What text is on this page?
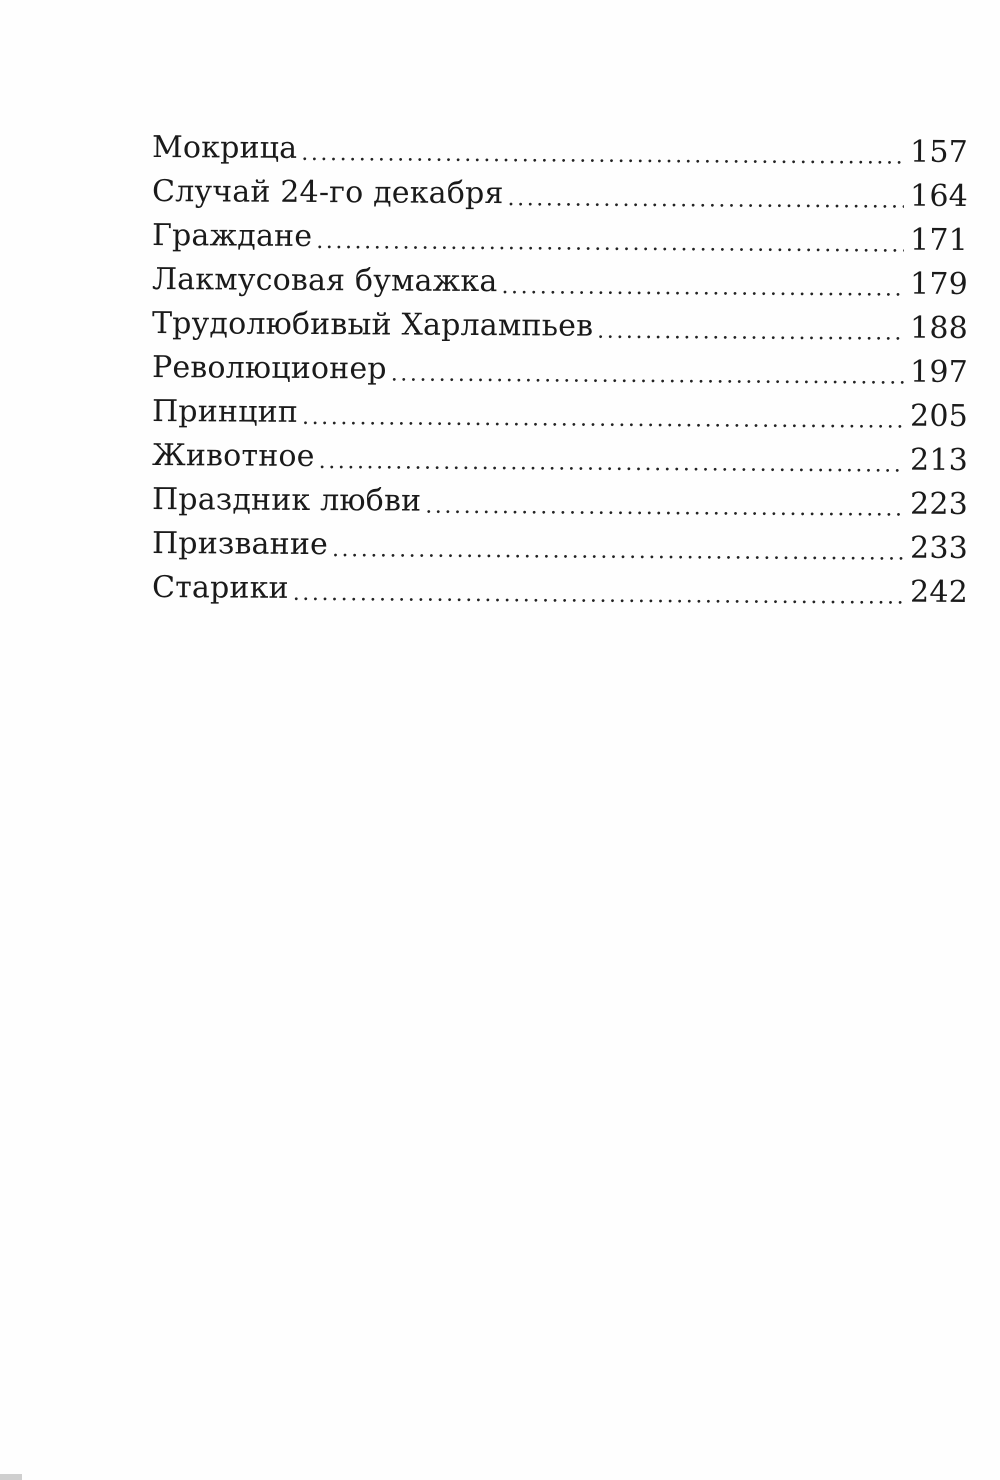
Мокрица . . .	157
Случай 24-го декабря . . .	164
Граждане . . .	171
Лакмусовая бумажка . . .	179
Трудолюбивый Харлампьев . . .	188
Революционер . . .	197
Принцип . . .	205
Животное . . .	213
Праздник любви . . .	223
Призвание . . .	233
Старики . . .	242
